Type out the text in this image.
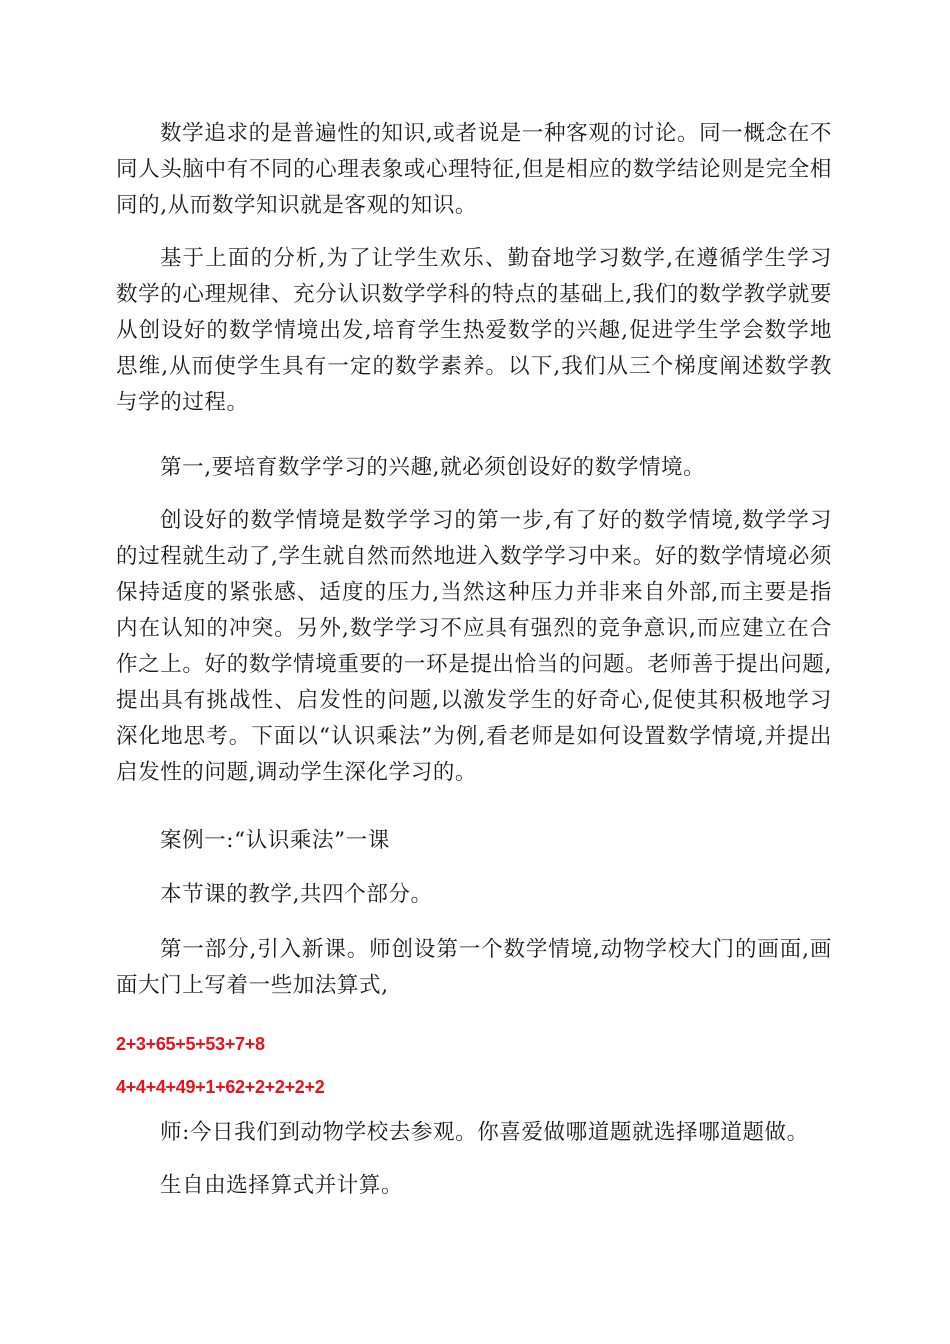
数学追求的是普遍性的知识,或者说是一种客观的讨论。同一概念在不同人头脑中有不同的心理表象或心理特征,但是相应的数学结论则是完全相同的,从而数学知识就是客观的知识。

基于上面的分析,为了让学生欢乐、勤奋地学习数学,在遵循学生学习数学的心理规律、充分认识数学学科的特点的基础上,我们的数学教学就要从创设好的数学情境出发,培育学生热爱数学的兴趣,促进学生学会数学地思维,从而使学生具有一定的数学素养。以下,我们从三个梯度阐述数学教与学的过程。

第一,要培育数学学习的兴趣,就必须创设好的数学情境。

创设好的数学情境是数学学习的第一步,有了好的数学情境,数学学习的过程就生动了,学生就自然而然地进入数学学习中来。好的数学情境必须保持适度的紧张感、适度的压力,当然这种压力并非来自外部,而主要是指内在认知的冲突。另外,数学学习不应具有强烈的竞争意识,而应建立在合作之上。好的数学情境重要的一环是提出恰当的问题。老师善于提出问题,提出具有挑战性、启发性的问题,以激发学生的好奇心,促使其积极地学习深化地思考。下面以“认识乘法”为例,看老师是如何设置数学情境,并提出启发性的问题,调动学生深化学习的。

案例一:“认识乘法”一课

本节课的教学,共四个部分。

第一部分,引入新课。师创设第一个数学情境,动物学校大门的画面,画面大门上写着一些加法算式,

2+3+65+5+53+7+8

4+4+4+49+1+62+2+2+2+2

师:今日我们到动物学校去参观。你喜爱做哪道题就选择哪道题做。

生自由选择算式并计算。
